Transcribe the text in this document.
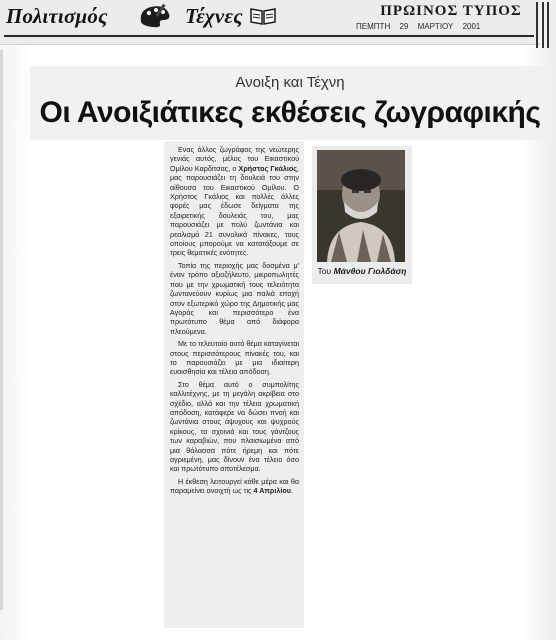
Πολιτισμός	Τέχνες	ΠΡΩΙΝΟΣ ΤΥΠΟΣ
ΠΕΜΠΤΗ 29 ΜΑΡΤΙΟΥ 2001
Ανοιξη και Τέχνη
Οι Ανοιξιάτικες εκθέσεις ζωγραφικής

Ενας άλλος ζωγράφος της νεώτερης γενιάς αυτός, μέλος του Εικαστικού Ομίλου Καρδίτσας, ο Χρήστος Γκάλιος, μας παρουσιάζει τη δουλειά του στην αίθουσα του Εικαστικού Ομίλου. Ο Χρήστος Γκάλιος και πολλές άλλες φορές μας έδωσε δείγματα της εξαιρετικής δουλειάς του, μας παρουσιάζει με πολύ ζωντάνια και ρεαλισμό 21 συνολικά πίνακες, τους οποίους μπορούμε να κατατάξουμε σε τρεις θεματικές ενότητες.

Τοπία της περιοχής μας δοσμένα μ' έναν τρόπο αξιοζήλευτο, μικροπωλητές που με την χρωματική τους τελειότητα ζωντανεύουν κυρίως μια παλιά εποχή στον εξωτερικό χώρο της Δημοτικής μας Αγοράς και περισσότερο ένα πρωτότυπο θέμα από διάφορα πλεούμενα.

Με το τελευταίο αυτό θέμα καταγίνεται στους περισσότερους πίνακές του, και το παρουσιάζει με μια ιδιαίτερη ευαισθησία και τέλεια απόδοση.

Στο θέμα αυτό ο συμπολίτης καλλιτέχνης, με τη μεγάλη ακρίβεια στο σχέδιο, αλλά και την τέλεια χρωματική απόδοση, κατάφερε να δώσει πνοή και ζωντάνια στους άψυχους και ψυχρούς κρίκους, τα σχοινιά και τους γάντζους των καραβιών, που πλαισιωμένα από μια θάλασσα πότε ήρεμη και πότε αγριεμένη, μας δίνουν ένα τέλειο όσο και πρωτότυπο αποτέλεσμα.

Η έκθεση λειτουργεί κάθε μέρα και θα παραμείνει ανοιχτή ως τις 4 Απριλίου.

Του Μάνθου Γιολδάση
